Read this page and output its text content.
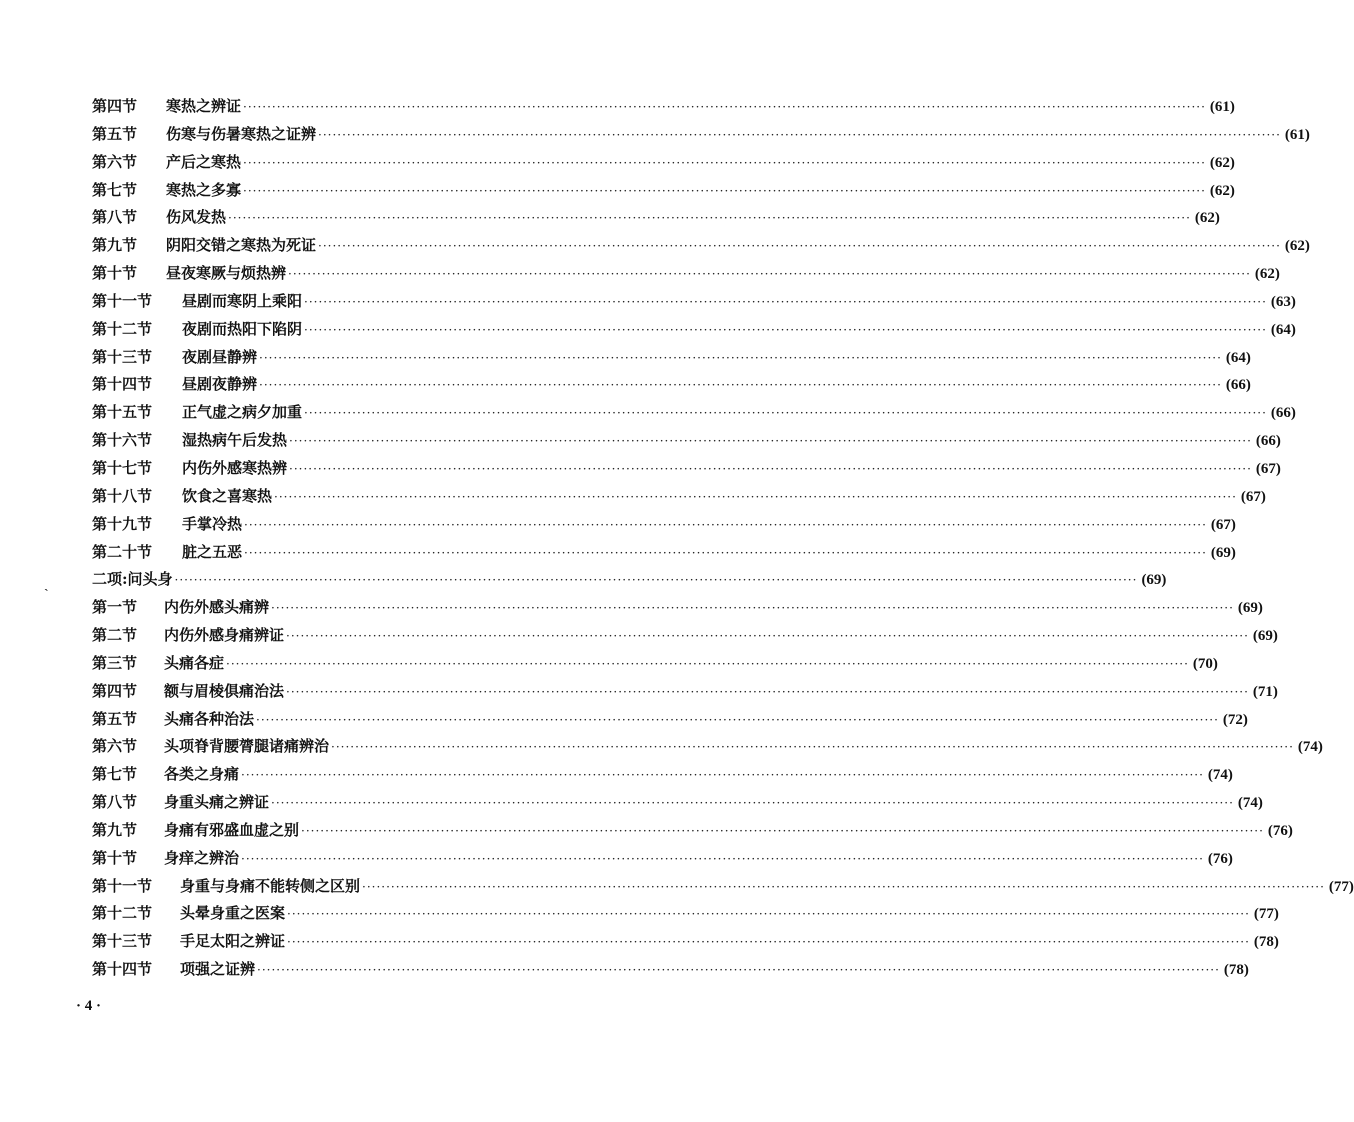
第四节 寒热之辨证 ········································································································································································································ (61)
第五节 伤寒与伤暑寒热之证辨 ········································································································································································································ (61)
第六节 产后之寒热 ········································································································································································································ (62)
第七节 寒热之多寡 ········································································································································································································ (62)
第八节 伤风发热 ········································································································································································································ (62)
第九节 阴阳交错之寒热为死证 ········································································································································································································ (62)
第十节 昼夜寒厥与烦热辨 ········································································································································································································ (62)
第十一节 昼剧而寒阴上乘阳 ········································································································································································································ (63)
第十二节 夜剧而热阳下陷阴 ········································································································································································································ (64)
第十三节 夜剧昼静辨 ········································································································································································································ (64)
第十四节 昼剧夜静辨 ········································································································································································································ (66)
第十五节 正气虚之病夕加重 ········································································································································································································ (66)
第十六节 湿热病午后发热 ········································································································································································································ (66)
第十七节 内伤外感寒热辨 ········································································································································································································ (67)
第十八节 饮食之喜寒热 ········································································································································································································ (67)
第十九节 手掌冷热 ········································································································································································································ (67)
第二十节 脏之五恶 ········································································································································································································ (69)
二项:问头身 ········································································································································································································ (69)
第一节 内伤外感头痛辨 ········································································································································································································ (69)
第二节 内伤外感身痛辨证 ········································································································································································································ (69)
第三节 头痛各症 ········································································································································································································ (70)
第四节 额与眉棱俱痛治法 ········································································································································································································ (71)
第五节 头痛各种治法 ········································································································································································································ (72)
第六节 头项脊背腰膂腿诸痛辨治 ········································································································································································································ (74)
第七节 各类之身痛 ········································································································································································································ (74)
第八节 身重头痛之辨证 ········································································································································································································ (74)
第九节 身痛有邪盛血虚之别 ········································································································································································································ (76)
第十节 身痒之辨治 ········································································································································································································ (76)
第十一节 身重与身痛不能转侧之区别 ········································································································································································································ (77)
第十二节 头晕身重之医案 ········································································································································································································ (77)
第十三节 手足太阳之辨证 ········································································································································································································ (78)
第十四节 项强之证辨 ········································································································································································································ (78)
ˎ
· 4 ·
